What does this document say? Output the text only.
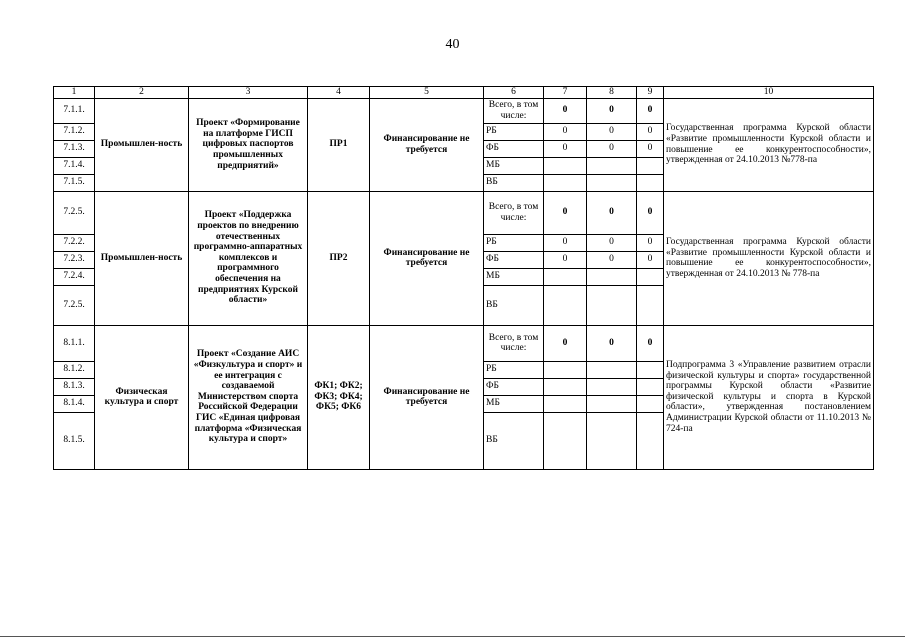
40
1	2	3	4	5	6	7	8	9	10
7.1.1.	Промышлен-ность	Проект «Формирование на платформе ГИСП цифровых паспортов промышленных предприятий»	ПР1	Финансирование не требуется	Всего, в том числе:	0	0	0	Государственная программа Курской области «Развитие промышленности Курской области и повышение ее конкурентоспособности», утвержденная от 24.10.2013 №778-па
7.1.2.					РБ	0	0	0	
7.1.3.					ФБ	0	0	0	
7.1.4.					МБ				
7.1.5.					ВБ				
7.2.5.	Промышлен-ность	Проект «Поддержка проектов по внедрению отечественных программно-аппаратных комплексов и программного обеспечения на предприятиях Курской области»	ПР2	Финансирование не требуется	Всего, в том числе:	0	0	0	Государственная программа Курской области «Развитие промышленности Курской области и повышение ее конкурентоспособности», утвержденная от 24.10.2013 № 778-па
7.2.2.					РБ	0	0	0	
7.2.3.					ФБ	0	0	0	
7.2.4.					МБ				
7.2.5.					ВБ				
8.1.1.	Физическая культура и спорт	Проект «Создание АИС «Физкультура и спорт» и ее интеграция с создаваемой Министерством спорта Российской Федерации ГИС «Единая цифровая платформа «Физическая культура и спорт»	ФК1; ФК2; ФК3; ФК4; ФК5; ФК6	Финансирование не требуется	Всего, в том числе:	0	0	0	Подпрограмма 3 «Управление развитием отрасли физической культуры и спорта» государственной программы Курской области «Развитие физической культуры и спорта в Курской области», утвержденная постановлением Администрации Курской области от 11.10.2013 № 724-па
8.1.2.					РБ				
8.1.3.					ФБ				
8.1.4.					МБ				
8.1.5.					ВБ				
